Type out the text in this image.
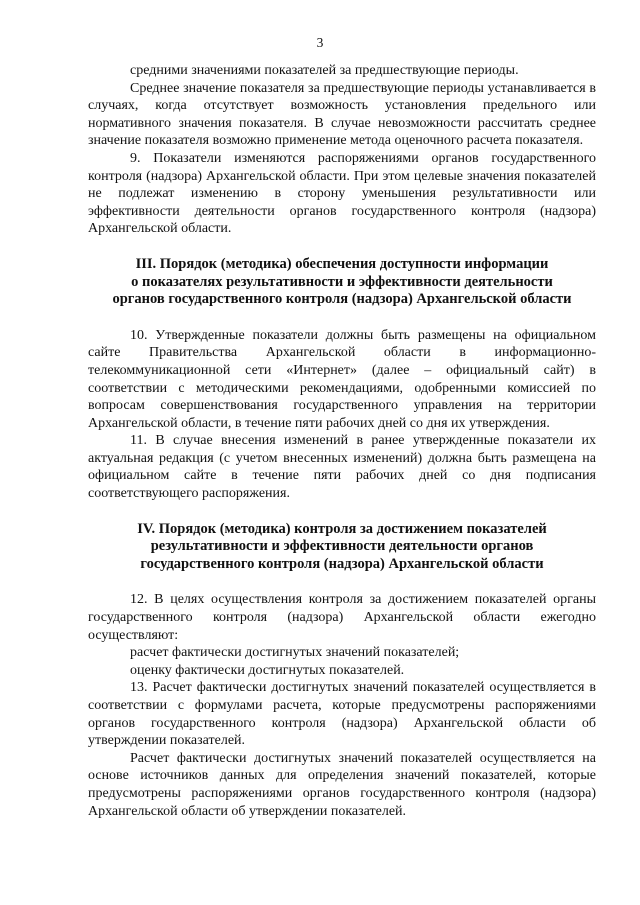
3

средними значениями показателей за предшествующие периоды.

Среднее значение показателя за предшествующие периоды устанавливается в случаях, когда отсутствует возможность установления предельного или нормативного значения показателя. В случае невозможности рассчитать среднее значение показателя возможно применение метода оценочного расчета показателя.

9. Показатели изменяются распоряжениями органов государственного контроля (надзора) Архангельской области. При этом целевые значения показателей не подлежат изменению в сторону уменьшения результативности или эффективности деятельности органов государственного контроля (надзора) Архангельской области.

III. Порядок (методика) обеспечения доступности информации
о показателях результативности и эффективности деятельности
органов государственного контроля (надзора) Архангельской области

10. Утвержденные показатели должны быть размещены на официальном сайте Правительства Архангельской области в информационно-телекоммуникационной сети «Интернет» (далее – официальный сайт) в соответствии с методическими рекомендациями, одобренными комиссией по вопросам совершенствования государственного управления на территории Архангельской области, в течение пяти рабочих дней со дня их утверждения.

11. В случае внесения изменений в ранее утвержденные показатели их актуальная редакция (с учетом внесенных изменений) должна быть размещена на официальном сайте в течение пяти рабочих дней со дня подписания соответствующего распоряжения.

IV. Порядок (методика) контроля за достижением показателей
результативности и эффективности деятельности органов
государственного контроля (надзора) Архангельской области

12. В целях осуществления контроля за достижением показателей органы государственного контроля (надзора) Архангельской области ежегодно осуществляют:

расчет фактически достигнутых значений показателей;

оценку фактически достигнутых показателей.

13. Расчет фактически достигнутых значений показателей осуществляется в соответствии с формулами расчета, которые предусмотрены распоряжениями органов государственного контроля (надзора) Архангельской области об утверждении показателей.

Расчет фактически достигнутых значений показателей осуществляется на основе источников данных для определения значений показателей, которые предусмотрены распоряжениями органов государственного контроля (надзора) Архангельской области об утверждении показателей.
